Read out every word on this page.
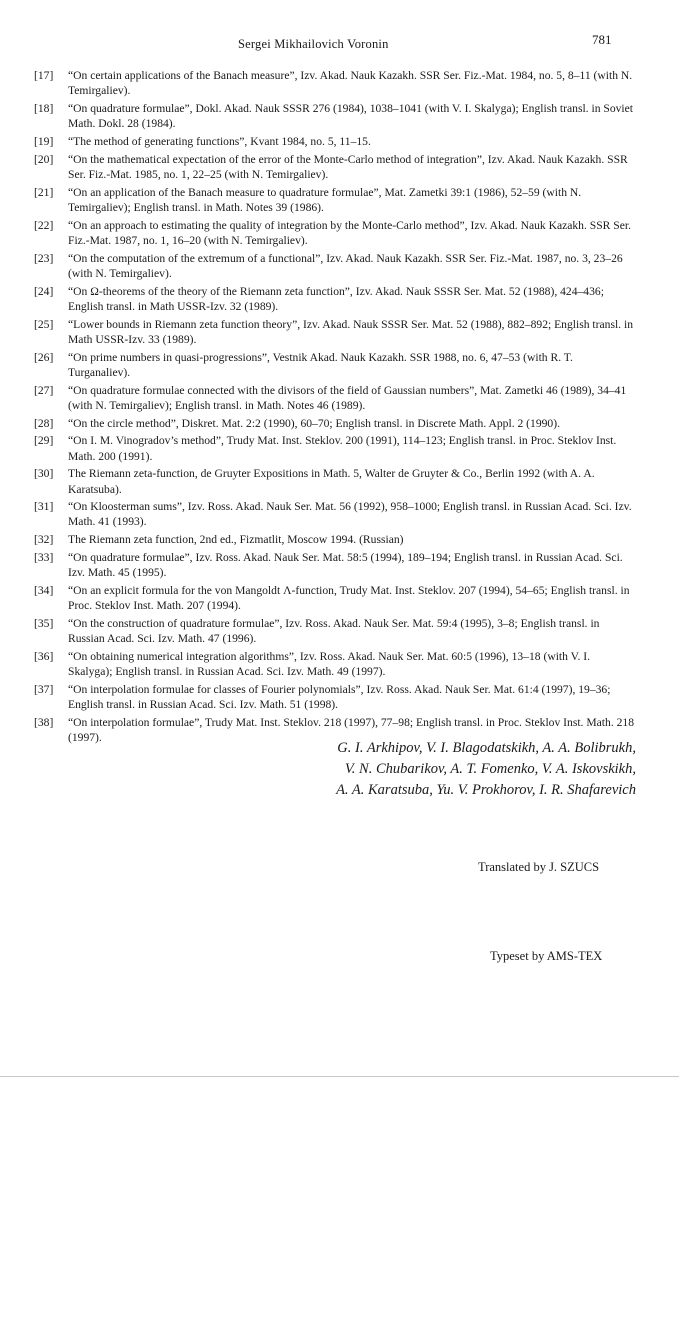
Sergei Mikhailovich Voronin	781
[17]	“On certain applications of the Banach measure”, Izv. Akad. Nauk Kazakh. SSR Ser. Fiz.-Mat. 1984, no. 5, 8–11 (with N. Temirgaliev).
[18]	“On quadrature formulae”, Dokl. Akad. Nauk SSSR 276 (1984), 1038–1041 (with V. I. Skalyga); English transl. in Soviet Math. Dokl. 28 (1984).
[19]	“The method of generating functions”, Kvant 1984, no. 5, 11–15.
[20]	“On the mathematical expectation of the error of the Monte-Carlo method of integration”, Izv. Akad. Nauk Kazakh. SSR Ser. Fiz.-Mat. 1985, no. 1, 22–25 (with N. Temirgaliev).
[21]	“On an application of the Banach measure to quadrature formulae”, Mat. Zametki 39:1 (1986), 52–59 (with N. Temirgaliev); English transl. in Math. Notes 39 (1986).
[22]	“On an approach to estimating the quality of integration by the Monte-Carlo method”, Izv. Akad. Nauk Kazakh. SSR Ser. Fiz.-Mat. 1987, no. 1, 16–20 (with N. Temirgaliev).
[23]	“On the computation of the extremum of a functional”, Izv. Akad. Nauk Kazakh. SSR Ser. Fiz.-Mat. 1987, no. 3, 23–26 (with N. Temirgaliev).
[24]	“On Ω-theorems of the theory of the Riemann zeta function”, Izv. Akad. Nauk SSSR Ser. Mat. 52 (1988), 424–436; English transl. in Math USSR-Izv. 32 (1989).
[25]	“Lower bounds in Riemann zeta function theory”, Izv. Akad. Nauk SSSR Ser. Mat. 52 (1988), 882–892; English transl. in Math USSR-Izv. 33 (1989).
[26]	“On prime numbers in quasi-progressions”, Vestnik Akad. Nauk Kazakh. SSR 1988, no. 6, 47–53 (with R. T. Turganaliev).
[27]	“On quadrature formulae connected with the divisors of the field of Gaussian numbers”, Mat. Zametki 46 (1989), 34–41 (with N. Temirgaliev); English transl. in Math. Notes 46 (1989).
[28]	“On the circle method”, Diskret. Mat. 2:2 (1990), 60–70; English transl. in Discrete Math. Appl. 2 (1990).
[29]	“On I. M. Vinogradov’s method”, Trudy Mat. Inst. Steklov. 200 (1991), 114–123; English transl. in Proc. Steklov Inst. Math. 200 (1991).
[30]	The Riemann zeta-function, de Gruyter Expositions in Math. 5, Walter de Gruyter & Co., Berlin 1992 (with A. A. Karatsuba).
[31]	“On Kloosterman sums”, Izv. Ross. Akad. Nauk Ser. Mat. 56 (1992), 958–1000; English transl. in Russian Acad. Sci. Izv. Math. 41 (1993).
[32]	The Riemann zeta function, 2nd ed., Fizmatlit, Moscow 1994. (Russian)
[33]	“On quadrature formulae”, Izv. Ross. Akad. Nauk Ser. Mat. 58:5 (1994), 189–194; English transl. in Russian Acad. Sci. Izv. Math. 45 (1995).
[34]	“On an explicit formula for the von Mangoldt Λ-function, Trudy Mat. Inst. Steklov. 207 (1994), 54–65; English transl. in Proc. Steklov Inst. Math. 207 (1994).
[35]	“On the construction of quadrature formulae”, Izv. Ross. Akad. Nauk Ser. Mat. 59:4 (1995), 3–8; English transl. in Russian Acad. Sci. Izv. Math. 47 (1996).
[36]	“On obtaining numerical integration algorithms”, Izv. Ross. Akad. Nauk Ser. Mat. 60:5 (1996), 13–18 (with V. I. Skalyga); English transl. in Russian Acad. Sci. Izv. Math. 49 (1997).
[37]	“On interpolation formulae for classes of Fourier polynomials”, Izv. Ross. Akad. Nauk Ser. Mat. 61:4 (1997), 19–36; English transl. in Russian Acad. Sci. Izv. Math. 51 (1998).
[38]	“On interpolation formulae”, Trudy Mat. Inst. Steklov. 218 (1997), 77–98; English transl. in Proc. Steklov Inst. Math. 218 (1997).
G. I. Arkhipov, V. I. Blagodatskikh, A. A. Bolibrukh,
V. N. Chubarikov, A. T. Fomenko, V. A. Iskovskikh,
A. A. Karatsuba, Yu. V. Prokhorov, I. R. Shafarevich
Translated by J. SZUCS
Typeset by AMS-TEX
